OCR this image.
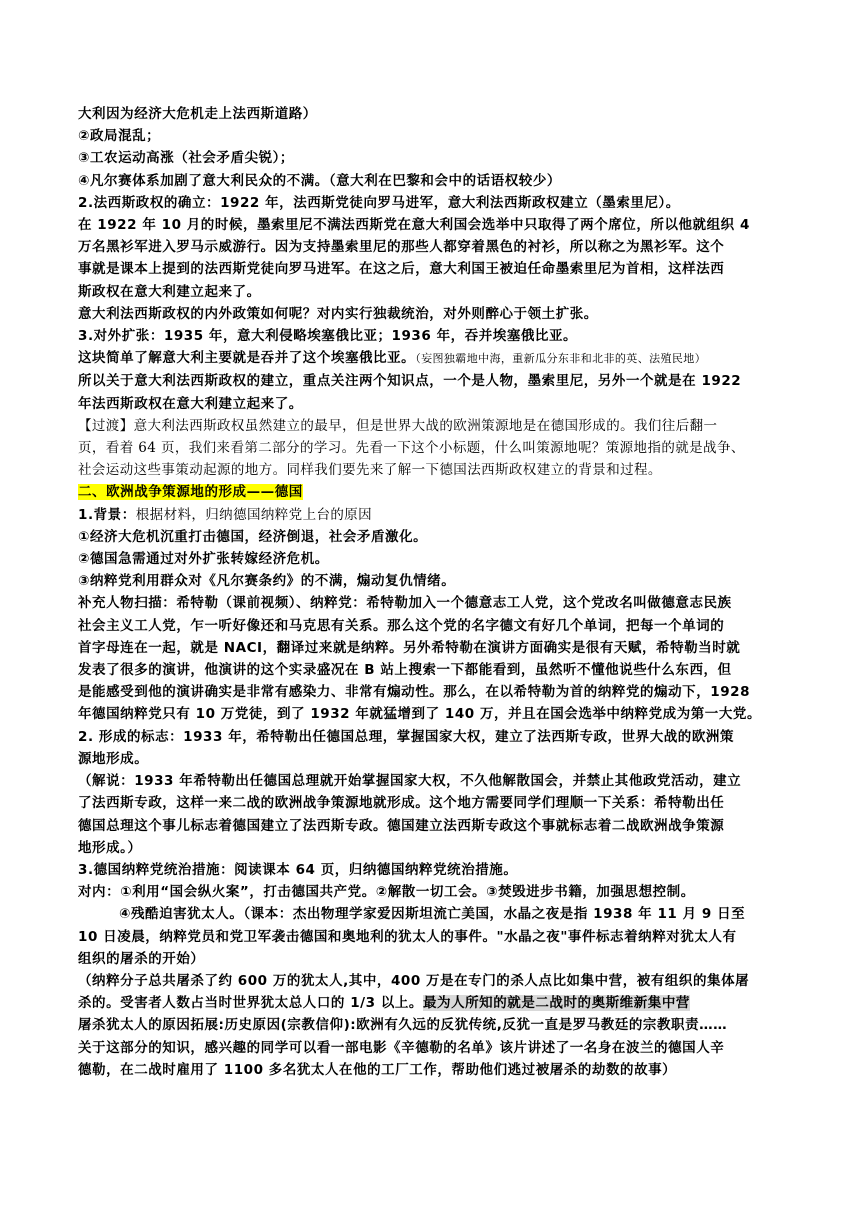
大利因为经济大危机走上法西斯道路）
②政局混乱；
③工农运动高涨（社会矛盾尖锐）；
④凡尔赛体系加剧了意大利民众的不满。（意大利在巴黎和会中的话语权较少）
2.法西斯政权的确立：1922 年，法西斯党徒向罗马进军，意大利法西斯政权建立（墨索里尼）。
在 1922 年 10 月的时候，墨索里尼不满法西斯党在意大利国会选举中只取得了两个席位，所以他就组织 4
万名黑衫军进入罗马示威游行。因为支持墨索里尼的那些人都穿着黑色的衬衫，所以称之为黑衫军。这个
事就是课本上提到的法西斯党徒向罗马进军。在这之后，意大利国王被迫任命墨索里尼为首相，这样法西
斯政权在意大利建立起来了。
意大利法西斯政权的内外政策如何呢？对内实行独裁统治，对外则醉心于领土扩张。
3.对外扩张：1935 年，意大利侵略埃塞俄比亚；1936 年，吞并埃塞俄比亚。
这块简单了解意大利主要就是吞并了这个埃塞俄比亚。（妄图独霸地中海，重新瓜分东非和北非的英、法殖民地）
所以关于意大利法西斯政权的建立，重点关注两个知识点，一个是人物，墨索里尼，另外一个就是在 1922
年法西斯政权在意大利建立起来了。
【过渡】意大利法西斯政权虽然建立的最早，但是世界大战的欧洲策源地是在德国形成的。我们往后翻一
页，看着 64 页，我们来看第二部分的学习。先看一下这个小标题，什么叫策源地呢？策源地指的就是战争、
社会运动这些事策动起源的地方。同样我们要先来了解一下德国法西斯政权建立的背景和过程。
二、欧洲战争策源地的形成——德国
1.背景：根据材料，归纳德国纳粹党上台的原因
①经济大危机沉重打击德国，经济倒退，社会矛盾激化。
②德国急需通过对外扩张转嫁经济危机。
③纳粹党利用群众对《凡尔赛条约》的不满，煽动复仇情绪。
补充人物扫描：希特勒（课前视频）、纳粹党：希特勒加入一个德意志工人党，这个党改名叫做德意志民族
社会主义工人党，乍一听好像还和马克思有关系。那么这个党的名字德文有好几个单词，把每一个单词的
首字母连在一起，就是 NACI，翻译过来就是纳粹。另外希特勒在演讲方面确实是很有天赋，希特勒当时就
发表了很多的演讲，他演讲的这个实录盛况在 B 站上搜索一下都能看到，虽然听不懂他说些什么东西，但
是能感受到他的演讲确实是非常有感染力、非常有煽动性。那么，在以希特勒为首的纳粹党的煽动下，1928
年德国纳粹党只有 10 万党徒，到了 1932 年就猛增到了 140 万，并且在国会选举中纳粹党成为第一大党。
2. 形成的标志：1933 年，希特勒出任德国总理，掌握国家大权，建立了法西斯专政，世界大战的欧洲策
源地形成。
（解说：1933 年希特勒出任德国总理就开始掌握国家大权，不久他解散国会，并禁止其他政党活动，建立
了法西斯专政，这样一来二战的欧洲战争策源地就形成。这个地方需要同学们理顺一下关系：希特勒出任
德国总理这个事儿标志着德国建立了法西斯专政。德国建立法西斯专政这个事就标志着二战欧洲战争策源
地形成。）
3.德国纳粹党统治措施：阅读课本 64 页，归纳德国纳粹党统治措施。
对内：①利用“国会纵火案”，打击德国共产党。②解散一切工会。③焚毁进步书籍，加强思想控制。
④残酷迫害犹太人。（课本：杰出物理学家爱因斯坦流亡美国，水晶之夜是指 1938 年 11 月 9 日至
10 日凌晨，纳粹党员和党卫军袭击德国和奥地利的犹太人的事件。"水晶之夜"事件标志着纳粹对犹太人有
组织的屠杀的开始）
（纳粹分子总共屠杀了约 600 万的犹太人,其中，400 万是在专门的杀人点比如集中营，被有组织的集体屠
杀的。受害者人数占当时世界犹太总人口的 1/3 以上。最为人所知的就是二战时的奥斯维新集中营
屠杀犹太人的原因拓展:历史原因(宗教信仰):欧洲有久远的反犹传统,反犹一直是罗马教廷的宗教职责……
关于这部分的知识，感兴趣的同学可以看一部电影《辛德勒的名单》该片讲述了一名身在波兰的德国人辛
德勒，在二战时雇用了 1100 多名犹太人在他的工厂工作，帮助他们逃过被屠杀的劫数的故事）
